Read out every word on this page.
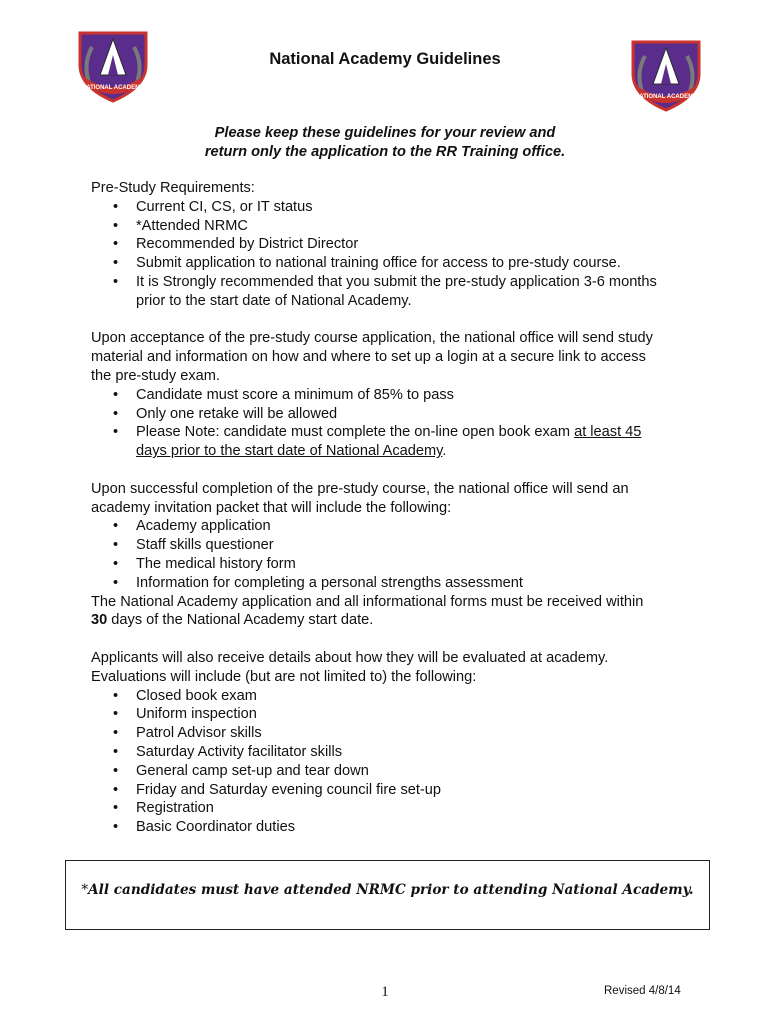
NATIONAL ACADEMY
NATIONAL ACADEMY
National Academy Guidelines
Please keep these guidelines for your review and
return only the application to the RR Training office.

Pre-Study Requirements:

• Current CI, CS, or IT status
• *Attended NRMC
• Recommended by District Director
• Submit application to national training office for access to pre-study course.
• It is Strongly recommended that you submit the pre-study application 3-6 months
prior to the start date of National Academy.

Upon acceptance of the pre-study course application, the national office will send study
material and information on how and where to set up a login at a secure link to access
the pre-study exam.

• Candidate must score a minimum of 85% to pass
• Only one retake will be allowed
• Please Note: candidate must complete the on-line open book exam at least 45
days prior to the start date of National Academy.

Upon successful completion of the pre-study course, the national office will send an
academy invitation packet that will include the following:

• Academy application
• Staff skills questioner
• The medical history form
• Information for completing a personal strengths assessment

The National Academy application and all informational forms must be received within
30 days of the National Academy start date.

Applicants will also receive details about how they will be evaluated at academy.
Evaluations will include (but are not limited to) the following:

• Closed book exam
• Uniform inspection
• Patrol Advisor skills
• Saturday Activity facilitator skills
• General camp set-up and tear down
• Friday and Saturday evening council fire set-up
• Registration
• Basic Coordinator duties
*All candidates must have attended NRMC prior to attending National Academy.
1	Revised 4/8/14
